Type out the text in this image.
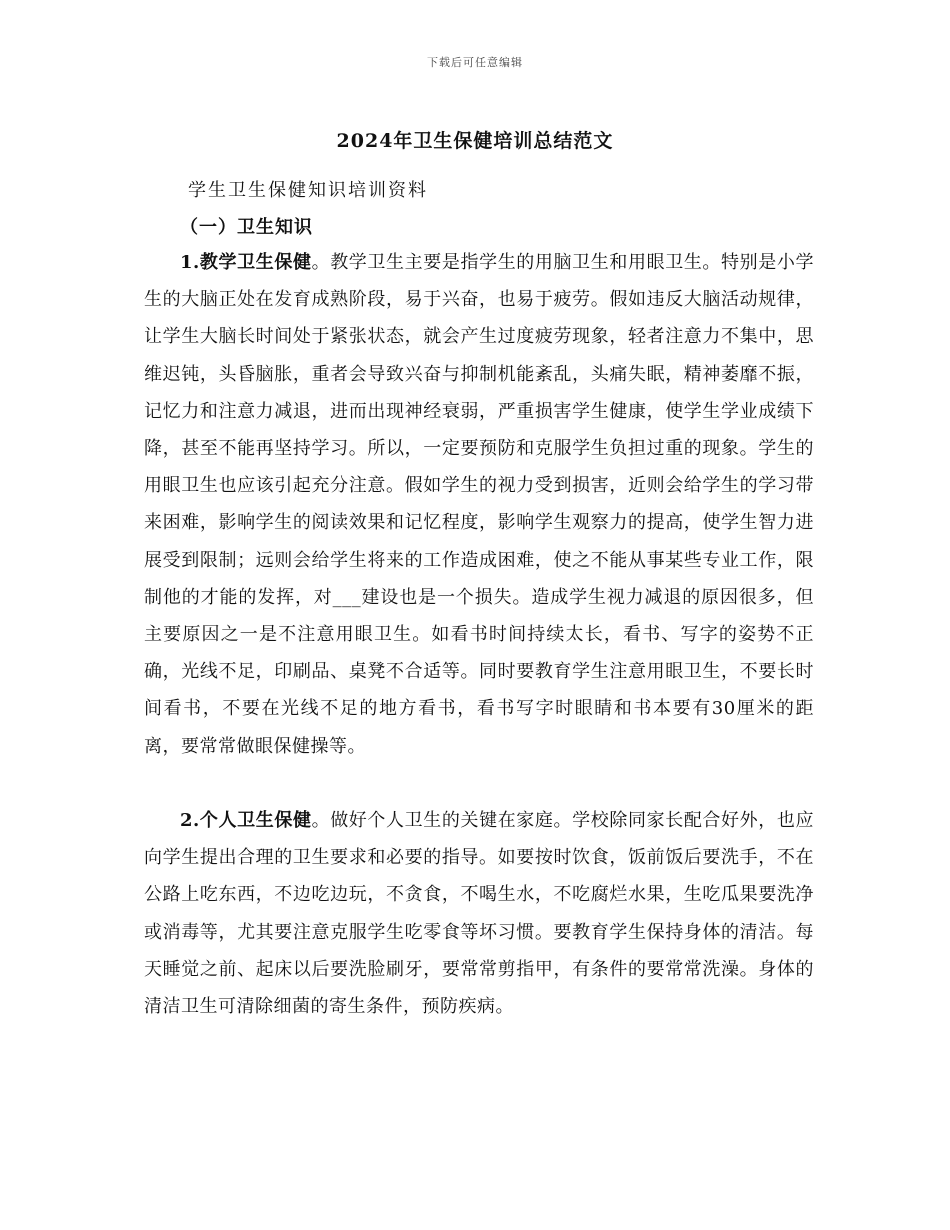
下载后可任意编辑
2024年卫生保健培训总结范文
学生卫生保健知识培训资料
（一）卫生知识

1.教学卫生保健。教学卫生主要是指学生的用脑卫生和用眼卫生。特别是小学生的大脑正处在发育成熟阶段，易于兴奋，也易于疲劳。假如违反大脑活动规律，让学生大脑长时间处于紧张状态，就会产生过度疲劳现象，轻者注意力不集中，思维迟钝，头昏脑胀，重者会导致兴奋与抑制机能紊乱，头痛失眠，精神萎靡不振，记忆力和注意力减退，进而出现神经衰弱，严重损害学生健康，使学生学业成绩下降，甚至不能再坚持学习。所以，一定要预防和克服学生负担过重的现象。学生的用眼卫生也应该引起充分注意。假如学生的视力受到损害，近则会给学生的学习带来困难，影响学生的阅读效果和记忆程度，影响学生观察力的提高，使学生智力进展受到限制；远则会给学生将来的工作造成困难，使之不能从事某些专业工作，限制他的才能的发挥，对___建设也是一个损失。造成学生视力减退的原因很多，但主要原因之一是不注意用眼卫生。如看书时间持续太长，看书、写字的姿势不正确，光线不足，印刷品、桌凳不合适等。同时要教育学生注意用眼卫生，不要长时间看书，不要在光线不足的地方看书，看书写字时眼睛和书本要有30厘米的距离，要常常做眼保健操等。

2.个人卫生保健。做好个人卫生的关键在家庭。学校除同家长配合好外，也应向学生提出合理的卫生要求和必要的指导。如要按时饮食，饭前饭后要洗手，不在公路上吃东西，不边吃边玩，不贪食，不喝生水，不吃腐烂水果，生吃瓜果要洗净或消毒等，尤其要注意克服学生吃零食等坏习惯。要教育学生保持身体的清洁。每天睡觉之前、起床以后要洗脸刷牙，要常常剪指甲，有条件的要常常洗澡。身体的清洁卫生可清除细菌的寄生条件，预防疾病。
